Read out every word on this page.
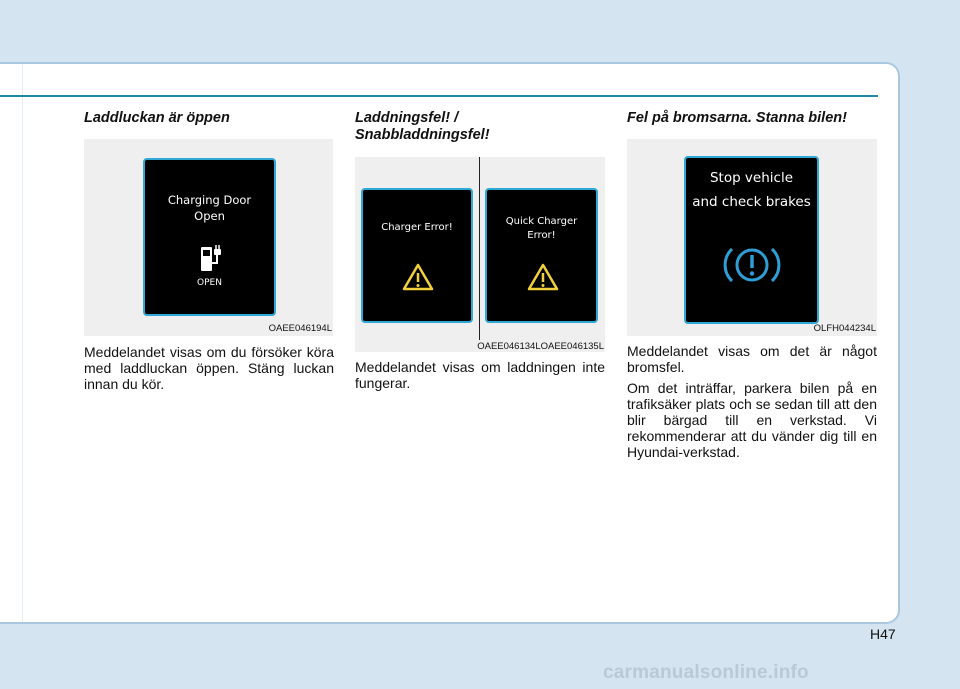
Laddluckan är öppen

Charging Door
Open
OPEN
OAEE046194L

Meddelandet visas om du försöker köra med laddluckan öppen. Stäng luckan innan du kör.

Laddningsfel! /

Snabbladdningsfel!

Charger Error!
Quick Charger
Error!
OAEE046134LOAEE046135L

Meddelandet visas om laddningen inte fungerar.

Fel på bromsarna. Stanna bilen!

Stop vehicle
and check brakes
OLFH044234L

Meddelandet visas om det är något bromsfel.

Om det inträffar, parkera bilen på en trafiksäker plats och se sedan till att den blir bärgad till en verkstad. Vi rekommenderar att du vänder dig till en Hyundai-verkstad.

H47
carmanualsonline.info
